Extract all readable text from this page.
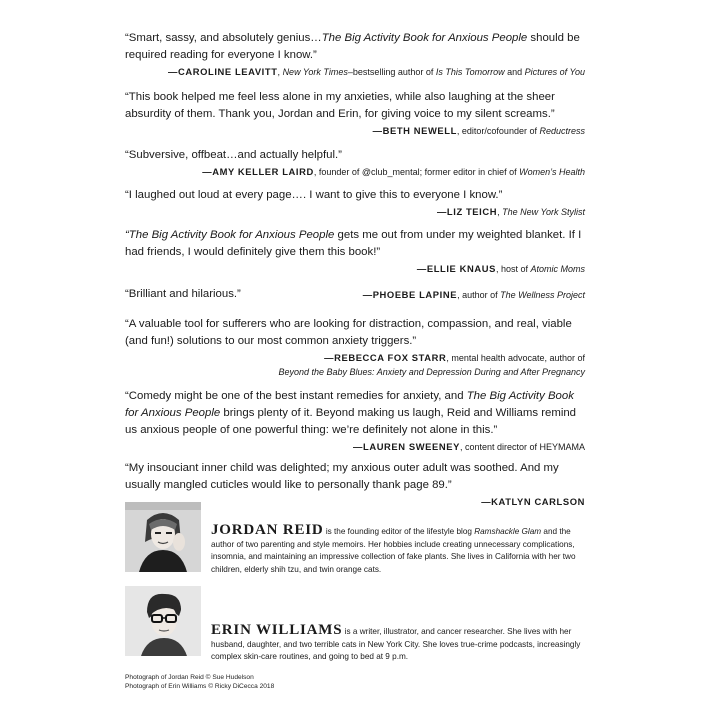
“Smart, sassy, and absolutely genius…The Big Activity Book for Anxious People should be required reading for everyone I know.”
—CAROLINE LEAVITT, New York Times–bestselling author of Is This Tomorrow and Pictures of You
“This book helped me feel less alone in my anxieties, while also laughing at the sheer absurdity of them. Thank you, Jordan and Erin, for giving voice to my silent screams.”
—BETH NEWELL, editor/cofounder of Reductress
“Subversive, offbeat…and actually helpful.”
—AMY KELLER LAIRD, founder of @club_mental; former editor in chief of Women’s Health
“I laughed out loud at every page…. I want to give this to everyone I know.”
—LIZ TEICH, The New York Stylist
“The Big Activity Book for Anxious People gets me out from under my weighted blanket. If I had friends, I would definitely give them this book!”
—ELLIE KNAUS, host of Atomic Moms
“Brilliant and hilarious.”	—PHOEBE LAPINE, author of The Wellness Project
“A valuable tool for sufferers who are looking for distraction, compassion, and real, viable (and fun!) solutions to our most common anxiety triggers.”
—REBECCA FOX STARR, mental health advocate, author of
Beyond the Baby Blues: Anxiety and Depression During and After Pregnancy
“Comedy might be one of the best instant remedies for anxiety, and The Big Activity Book for Anxious People brings plenty of it. Beyond making us laugh, Reid and Williams remind us anxious people of one powerful thing: we’re definitely not alone in this.”
—LAUREN SWEENEY, content director of HEYMAMA
“My insouciant inner child was delighted; my anxious outer adult was soothed. And my usually mangled cuticles would like to personally thank page 89.”
—KATLYN CARLSON
JORDAN REID is the founding editor of the lifestyle blog Ramshackle Glam and the author of two parenting and style memoirs. Her hobbies include creating unnecessary complications, insomnia, and maintaining an impressive collection of fake plants. She lives in California with her two children, elderly shih tzu, and twin orange cats.
ERIN WILLIAMS is a writer, illustrator, and cancer researcher. She lives with her husband, daughter, and two terrible cats in New York City. She loves true-crime podcasts, increasingly complex skin-care routines, and going to bed at 9 p.m.
Photograph of Jordan Reid © Sue Hudelson
Photograph of Erin Williams © Ricky DiCecca 2018
